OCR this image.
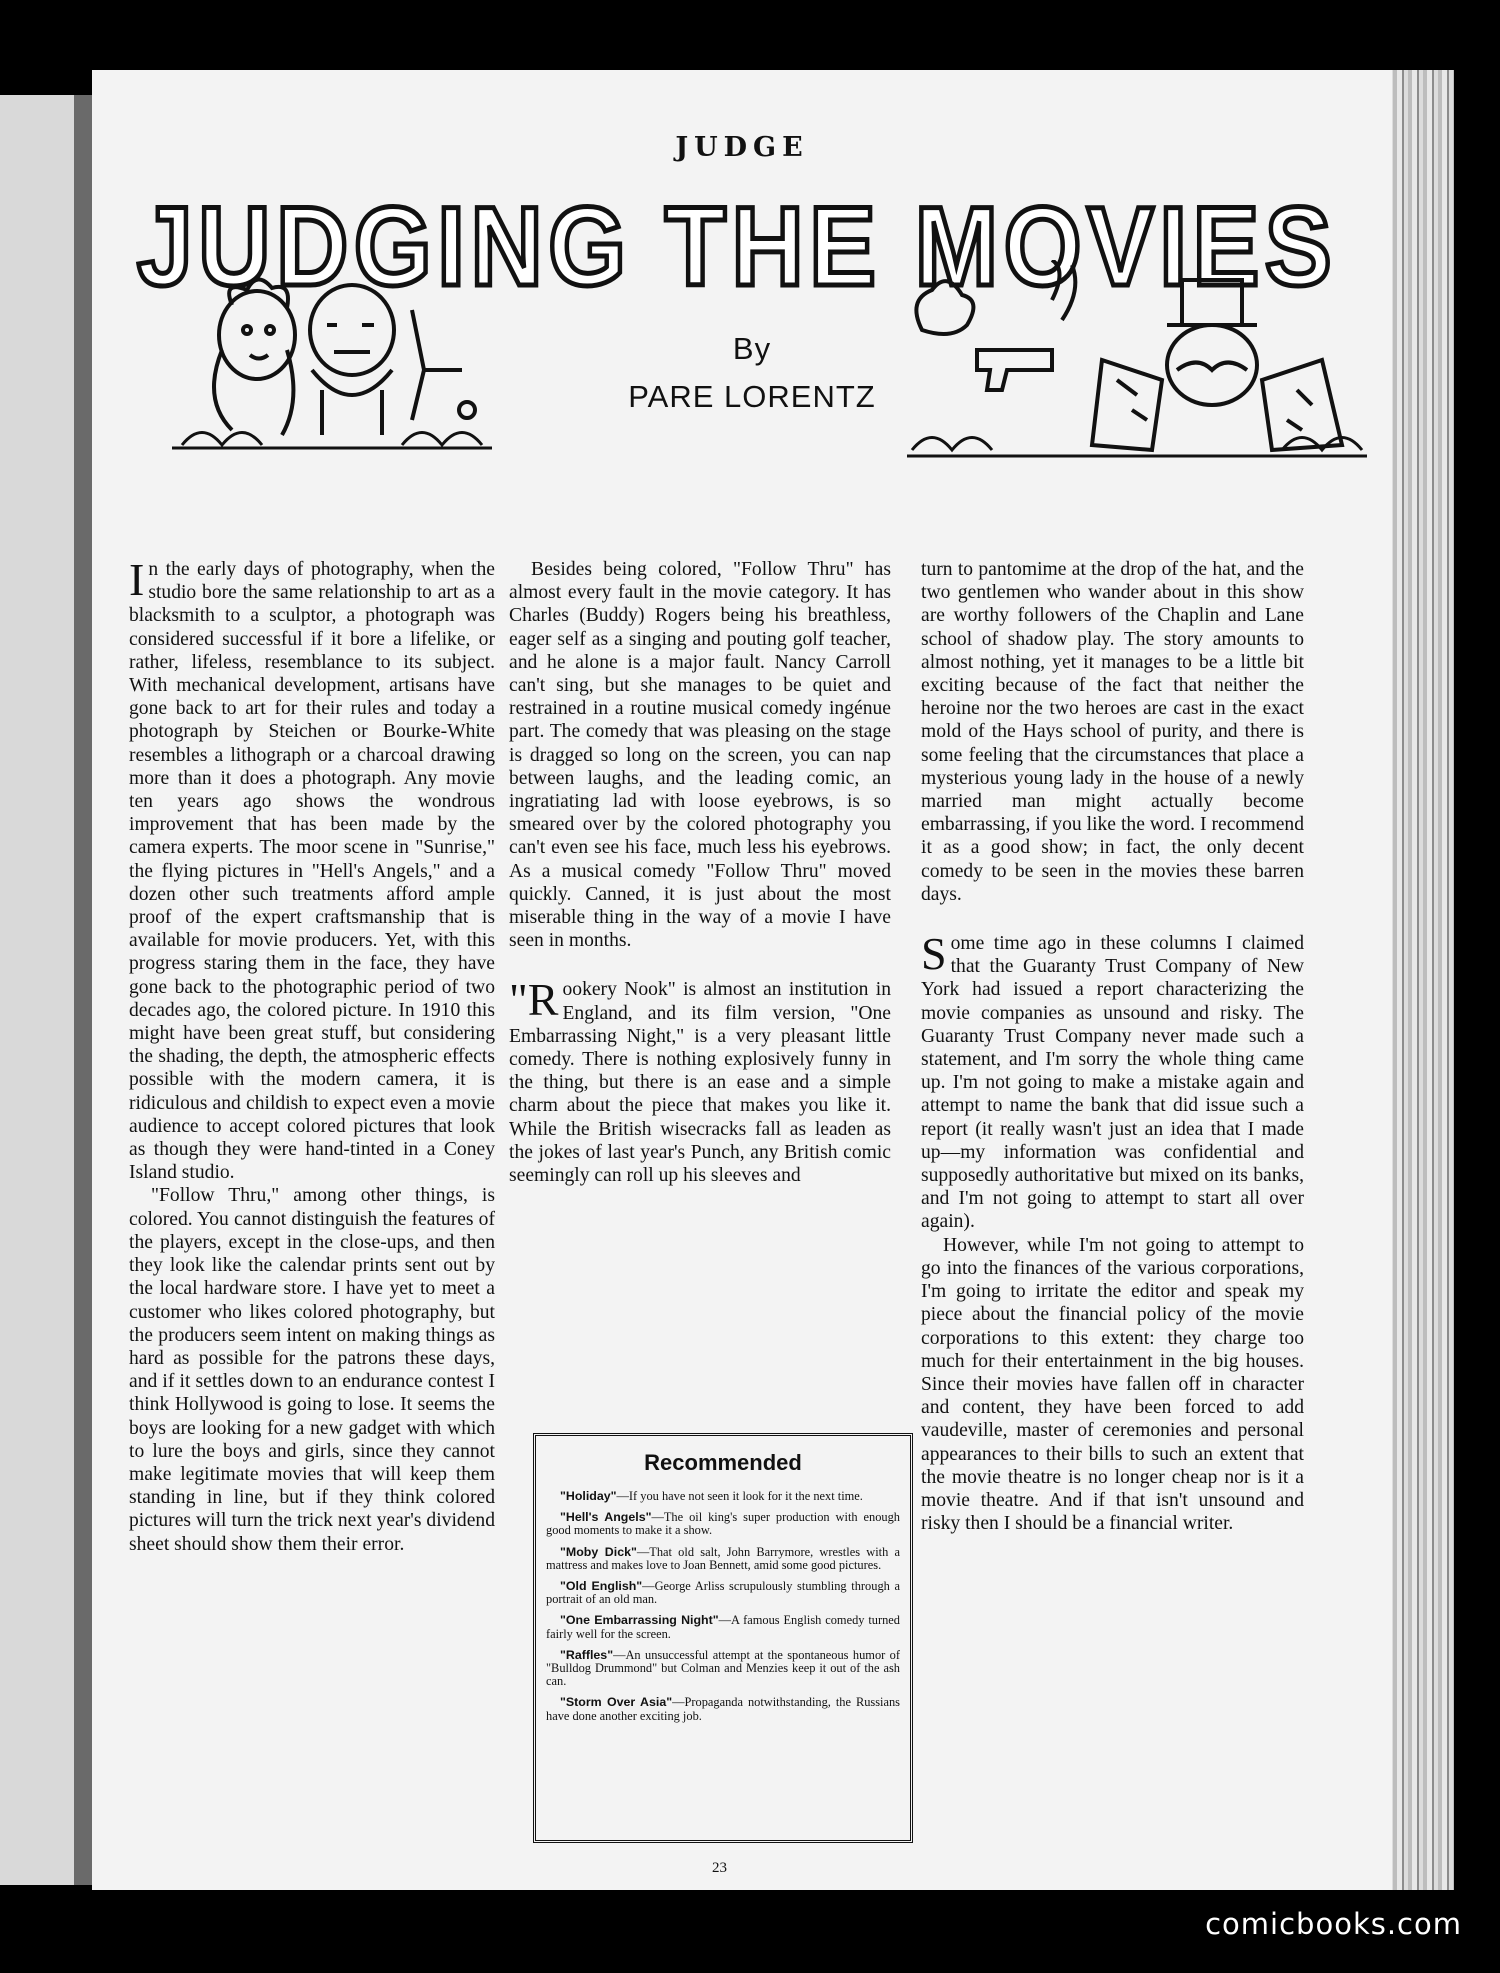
JUDGE
JUDGING THE MOVIES
By
PARE LORENTZ

In the early days of photography, when the studio bore the same relationship to art as a blacksmith to a sculptor, a photograph was considered successful if it bore a lifelike, or rather, lifeless, resemblance to its subject. With mechanical development, artisans have gone back to art for their rules and today a photograph by Steichen or Bourke-White resembles a lithograph or a charcoal drawing more than it does a photograph. Any movie ten years ago shows the wondrous improvement that has been made by the camera experts. The moor scene in "Sunrise," the flying pictures in "Hell's Angels," and a dozen other such treatments afford ample proof of the expert craftsmanship that is available for movie producers. Yet, with this progress staring them in the face, they have gone back to the photographic period of two decades ago, the colored picture. In 1910 this might have been great stuff, but considering the shading, the depth, the atmospheric effects possible with the modern camera, it is ridiculous and childish to expect even a movie audience to accept colored pictures that look as though they were hand-tinted in a Coney Island studio.

"Follow Thru," among other things, is colored. You cannot distinguish the features of the players, except in the close-ups, and then they look like the calendar prints sent out by the local hardware store. I have yet to meet a customer who likes colored photography, but the producers seem intent on making things as hard as possible for the patrons these days, and if it settles down to an endurance contest I think Hollywood is going to lose. It seems the boys are looking for a new gadget with which to lure the boys and girls, since they cannot make legitimate movies that will keep them standing in line, but if they think colored pictures will turn the trick next year's dividend sheet should show them their error.

Besides being colored, "Follow Thru" has almost every fault in the movie category. It has Charles (Buddy) Rogers being his breathless, eager self as a singing and pouting golf teacher, and he alone is a major fault. Nancy Carroll can't sing, but she manages to be quiet and restrained in a routine musical comedy ingénue part. The comedy that was pleasing on the stage is dragged so long on the screen, you can nap between laughs, and the leading comic, an ingratiating lad with loose eyebrows, is so smeared over by the colored photography you can't even see his face, much less his eyebrows. As a musical comedy "Follow Thru" moved quickly. Canned, it is just about the most miserable thing in the way of a movie I have seen in months.

"Rookery Nook" is almost an institution in England, and its film version, "One Embarrassing Night," is a very pleasant little comedy. There is nothing explosively funny in the thing, but there is an ease and a simple charm about the piece that makes you like it. While the British wisecracks fall as leaden as the jokes of last year's Punch, any British comic seemingly can roll up his sleeves and

turn to pantomime at the drop of the hat, and the two gentlemen who wander about in this show are worthy followers of the Chaplin and Lane school of shadow play. The story amounts to almost nothing, yet it manages to be a little bit exciting because of the fact that neither the heroine nor the two heroes are cast in the exact mold of the Hays school of purity, and there is some feeling that the circumstances that place a mysterious young lady in the house of a newly married man might actually become embarrassing, if you like the word. I recommend it as a good show; in fact, the only decent comedy to be seen in the movies these barren days.

Some time ago in these columns I claimed that the Guaranty Trust Company of New York had issued a report characterizing the movie companies as unsound and risky. The Guaranty Trust Company never made such a statement, and I'm sorry the whole thing came up. I'm not going to make a mistake again and attempt to name the bank that did issue such a report (it really wasn't just an idea that I made up—my information was confidential and supposedly authoritative but mixed on its banks, and I'm not going to attempt to start all over again).

However, while I'm not going to attempt to go into the finances of the various corporations, I'm going to irritate the editor and speak my piece about the financial policy of the movie corporations to this extent: they charge too much for their entertainment in the big houses. Since their movies have fallen off in character and content, they have been forced to add vaudeville, master of ceremonies and personal appearances to their bills to such an extent that the movie theatre is no longer cheap nor is it a movie theatre. And if that isn't unsound and risky then I should be a financial writer.

Recommended
"Holiday"—If you have not seen it look for it the next time.
"Hell's Angels"—The oil king's super production with enough good moments to make it a show.
"Moby Dick"—That old salt, John Barrymore, wrestles with a mattress and makes love to Joan Bennett, amid some good pictures.
"Old English"—George Arliss scrupulously stumbling through a portrait of an old man.
"One Embarrassing Night"—A famous English comedy turned fairly well for the screen.
"Raffles"—An unsuccessful attempt at the spontaneous humor of "Bulldog Drummond" but Colman and Menzies keep it out of the ash can.
"Storm Over Asia"—Propaganda notwithstanding, the Russians have done another exciting job.
23
comicbooks.com
